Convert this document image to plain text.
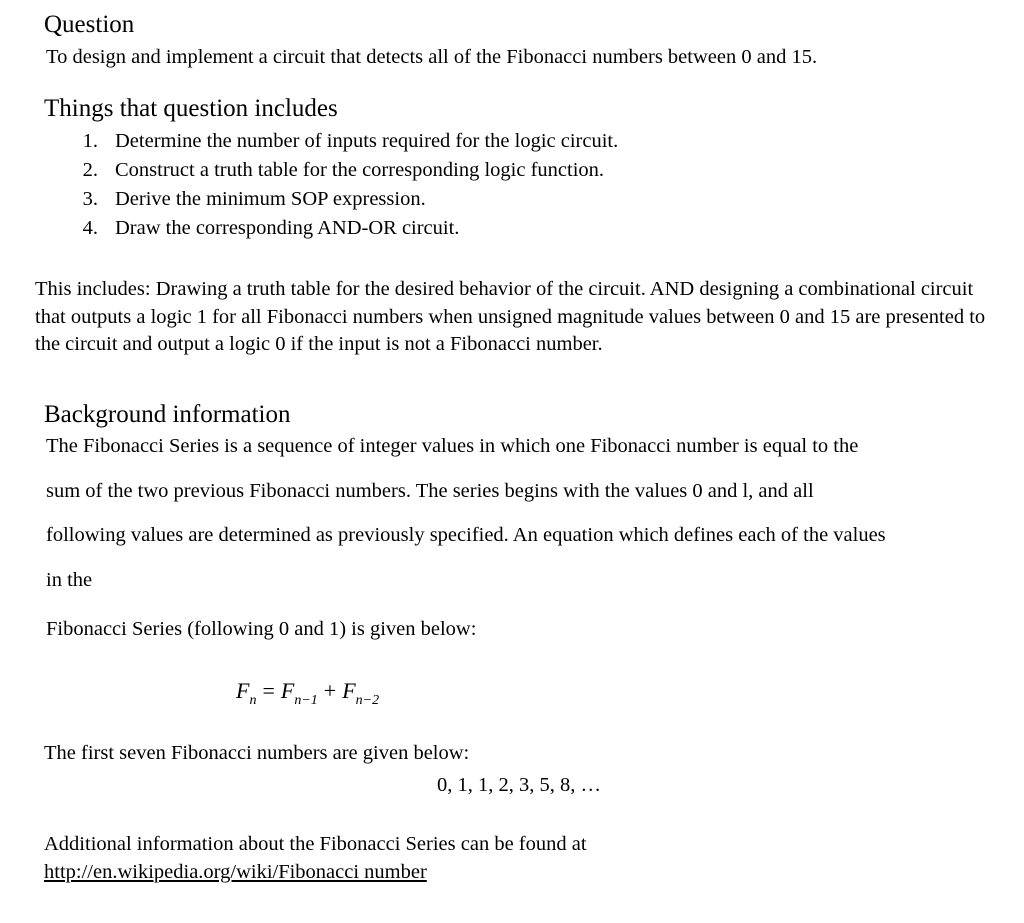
Question
To design and implement a circuit that detects all of the Fibonacci numbers between 0 and 15.
Things that question includes
1. Determine the number of inputs required for the logic circuit.
2. Construct a truth table for the corresponding logic function.
3. Derive the minimum SOP expression.
4. Draw the corresponding AND-OR circuit.
This includes: Drawing a truth table for the desired behavior of the circuit. AND designing a combinational circuit that outputs a logic 1 for all Fibonacci numbers when unsigned magnitude values between 0 and 15 are presented to the circuit and output a logic 0 if the input is not a Fibonacci number.
Background information
The Fibonacci Series is a sequence of integer values in which one Fibonacci number is equal to the
sum of the two previous Fibonacci numbers. The series begins with the values 0 and l, and all
following values are determined as previously specified. An equation which defines each of the values
in the
Fibonacci Series (following 0 and 1) is given below:
$F_n = F_{n-1} + F_{n-2}$
The first seven Fibonacci numbers are given below:
0, 1, 1, 2, 3, 5, 8, …
Additional information about the Fibonacci Series can be found at
http://en.wikipedia.org/wiki/Fibonacci number
